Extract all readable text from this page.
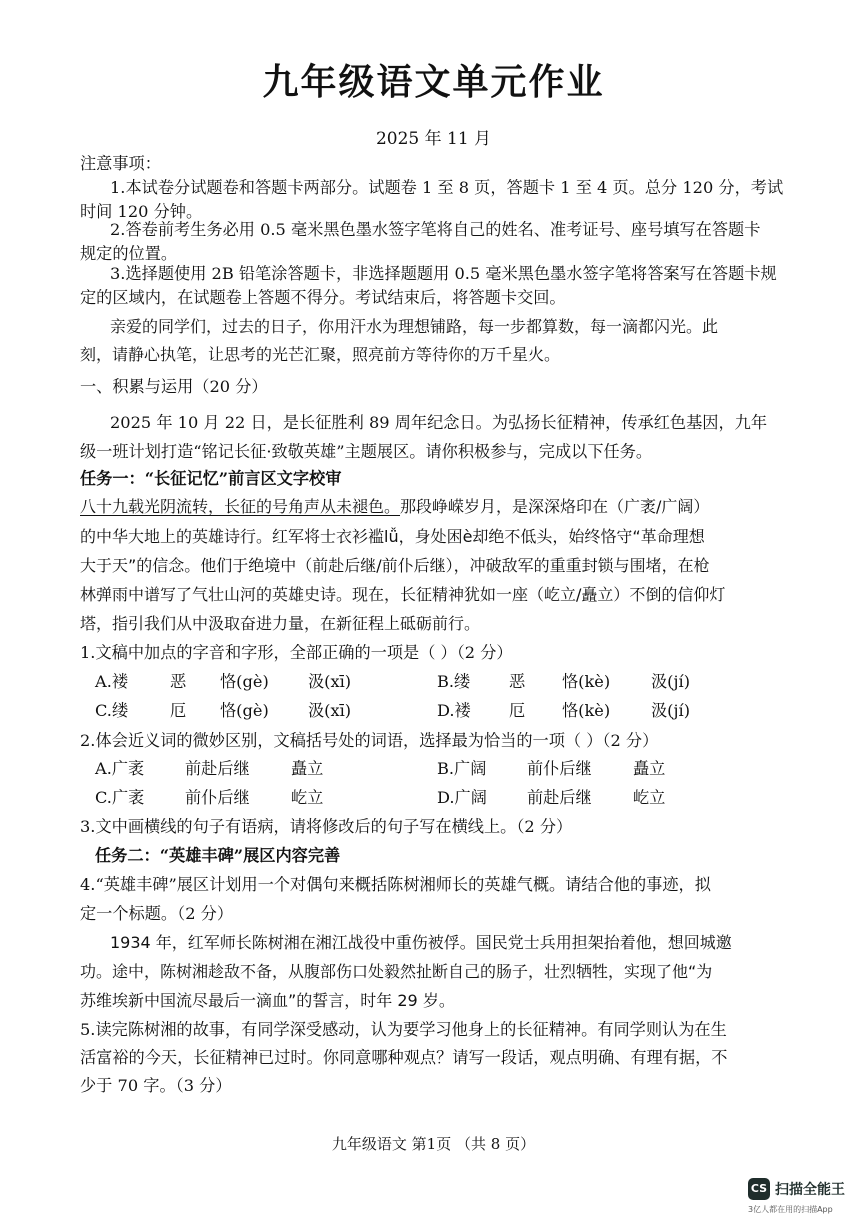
九年级语文单元作业
2025 年 11 月
注意事项：
1.本试卷分试题卷和答题卡两部分。试题卷 1 至 8 页，答题卡 1 至 4 页。总分 120 分，考试
时间 120 分钟。
2.答卷前考生务必用 0.5 毫米黑色墨水签字笔将自己的姓名、准考证号、座号填写在答题卡
规定的位置。
3.选择题使用 2B 铅笔涂答题卡，非选择题题用 0.5 毫米黑色墨水签字笔将答案写在答题卡规
定的区域内，在试题卷上答题不得分。考试结束后，将答题卡交回。
亲爱的同学们，过去的日子，你用汗水为理想铺路，每一步都算数，每一滴都闪光。此
刻，请静心执笔，让思考的光芒汇聚，照亮前方等待你的万千星火。
一、积累与运用（20 分）
2025 年 10 月 22 日，是长征胜利 89 周年纪念日。为弘扬长征精神，传承红色基因，九年
级一班计划打造“铭记长征·致敬英雄”主题展区。请你积极参与，完成以下任务。
任务一：“长征记忆”前言区文字校审
八十九载光阴流转，长征的号角声从未褪色。那段峥嵘岁月，是深深烙印在（广袤/广阔）
的中华大地上的英雄诗行。红军将士衣衫褴lǚ，身处困è却绝不低头，始终恪守“革命理想
大于天”的信念。他们于绝境中（前赴后继/前仆后继），冲破敌军的重重封锁与围堵，在枪
林弹雨中谱写了气壮山河的英雄史诗。现在，长征精神犹如一座（屹立/矗立）不倒的信仰灯
塔，指引我们从中汲取奋进力量，在新征程上砥砺前行。
1.文稿中加点的字音和字形，全部正确的一项是（ ）（2 分）
A.褛	恶 恪(gè) 汲(xī)	B.缕 恶 恪(kè)	汲(jí)
C.缕	厄 恪(gè) 汲(xī)	D.褛 厄 恪(kè)	汲(jí)
2.体会近义词的微妙区别，文稿括号处的词语，选择最为恰当的一项（ ）（2 分）
A.广袤	前赴后继	矗立	B.广阔	前仆后继	矗立
C.广袤	前仆后继	屹立	D.广阔 前赴后继	屹立
3.文中画横线的句子有语病，请将修改后的句子写在横线上。（2 分）
任务二：“英雄丰碑”展区内容完善
4.“英雄丰碑”展区计划用一个对偶句来概括陈树湘师长的英雄气概。请结合他的事迹，拟
定一个标题。（2 分）
1934 年，红军师长陈树湘在湘江战役中重伤被俘。国民党士兵用担架抬着他，想回城邀
功。途中，陈树湘趁敌不备，从腹部伤口处毅然扯断自己的肠子，壮烈牺牲，实现了他“为
苏维埃新中国流尽最后一滴血”的誓言，时年 29 岁。
5.读完陈树湘的故事，有同学深受感动，认为要学习他身上的长征精神。有同学则认为在生
活富裕的今天，长征精神已过时。你同意哪种观点？请写一段话，观点明确、有理有据，不
少于 70 字。（3 分）
九年级语文 第1页 （共 8 页）
CS 扫描全能王
3亿人都在用的扫描App
